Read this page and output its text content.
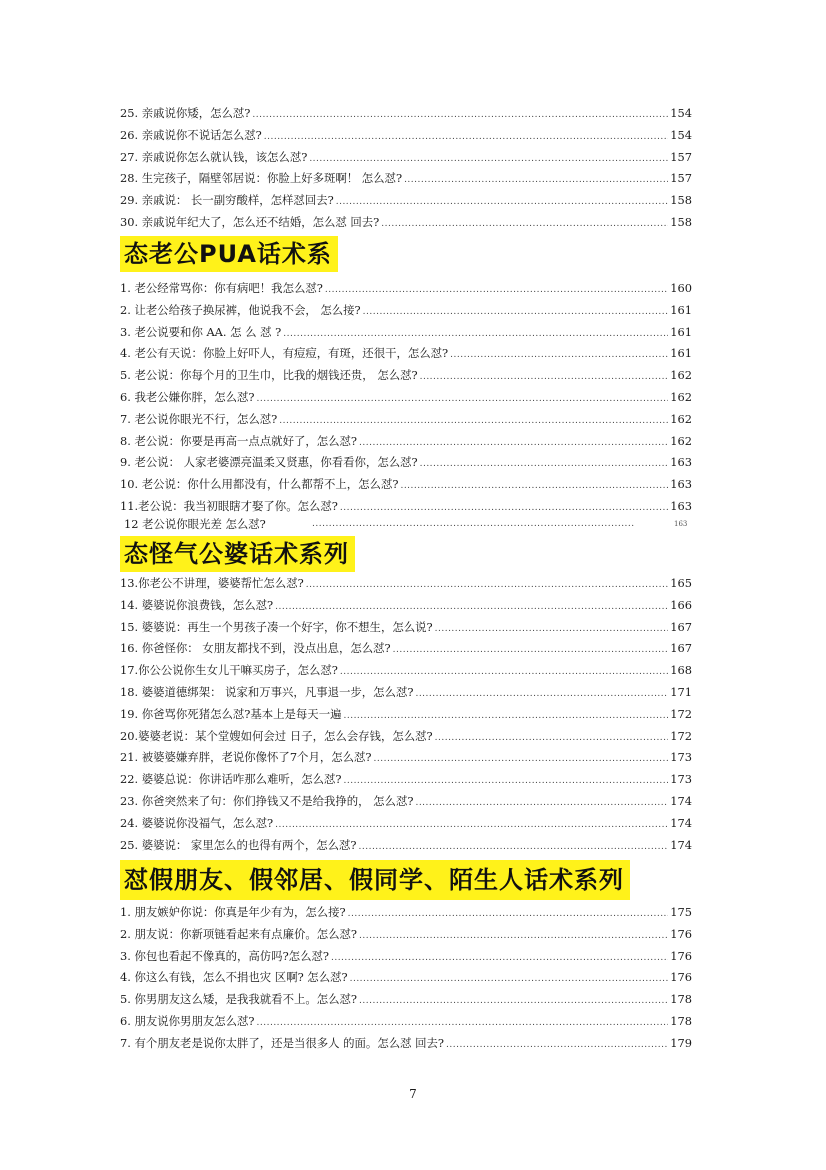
25. 亲戚说你矮，怎么怼? .....	154
26. 亲戚说你不说话怎么怼? .....	154
27. 亲戚说你怎么就认钱，该怎么怼? .....	157
28. 生完孩子，隔壁邻居说：你脸上好多斑啊！ 怎么怼? .....	157
29. 亲戚说： 长一副穷酸样，怎样怼回去? .....	158
30. 亲戚说年纪大了，怎么还不结婚，怎么怼 回去? .....	158
态老公PUA话术系
1. 老公经常骂你：你有病吧！我怎么怼? .....	160
2. 让老公给孩子换尿裤，他说我不会， 怎么接? .....	161
3. 老公说要和你 AA. 怎 么 怼 ? .....	161
4. 老公有天说：你脸上好吓人，有痘痘，有斑，还很干，怎么怼? .....	161
5. 老公说：你每个月的卫生巾，比我的烟钱还贵， 怎么怼? .....	162
6. 我老公嫌你胖，怎么怼? .....	162
7. 老公说你眼光不行，怎么怼? .....	162
8. 老公说：你要是再高一点点就好了，怎么怼? .....	162
9. 老公说： 人家老婆漂亮温柔又贤惠，你看看你，怎么怼? .....	163
10. 老公说：你什么用都没有，什么都帮不上，怎么怼? .....	163
11.老公说：我当初眼瞎才娶了你。怎么怼? .....	163
12 老公说你眼光差 怎么怼? .....	163
态怪气公婆话术系列
13.你老公不讲理，婆婆帮忙怎么怼? .....	165
14. 婆婆说你浪费钱，怎么怼? .....	166
15. 婆婆说：再生一个男孩子凑一个好字，你不想生，怎么说? .....	167
16. 你爸怪你： 女朋友都找不到，没点出息，怎么怼? .....	167
17.你公公说你生女儿干嘛买房子，怎么怼? .....	168
18. 婆婆道德绑架： 说家和万事兴，凡事退一步，怎么怼? .....	171
19. 你爸骂你死猪怎么怼?基本上是每天一遍 .....	172
20.婆婆老说：某个堂嫂如何会过 日子，怎么会存钱，怎么怼? .....	172
21. 被婆婆嫌弃胖，老说你像怀了7个月，怎么怼? .....	173
22. 婆婆总说：你讲话咋那么难听，怎么怼? .....	173
23. 你爸突然来了句：你们挣钱又不是给我挣的， 怎么怼? .....	174
24. 婆婆说你没福气，怎么怼? .....	174
25. 婆婆说： 家里怎么的也得有两个，怎么怼? .....	174
怼假朋友、假邻居、假同学、陌生人话术系列
1. 朋友嫉妒你说：你真是年少有为，怎么接? .....	175
2. 朋友说：你新项链看起来有点廉价。怎么怼? .....	176
3. 你包也看起不像真的，高仿吗?怎么怼? .....	176
4. 你这么有钱，怎么不捐也灾 区啊? 怎么怼? .....	176
5. 你男朋友这么矮，是我我就看不上。怎么怼? .....	178
6. 朋友说你男朋友怎么怼? .....	178
7. 有个朋友老是说你太胖了，还是当很多人 的面。怎么怼 回去? .....	179
7
